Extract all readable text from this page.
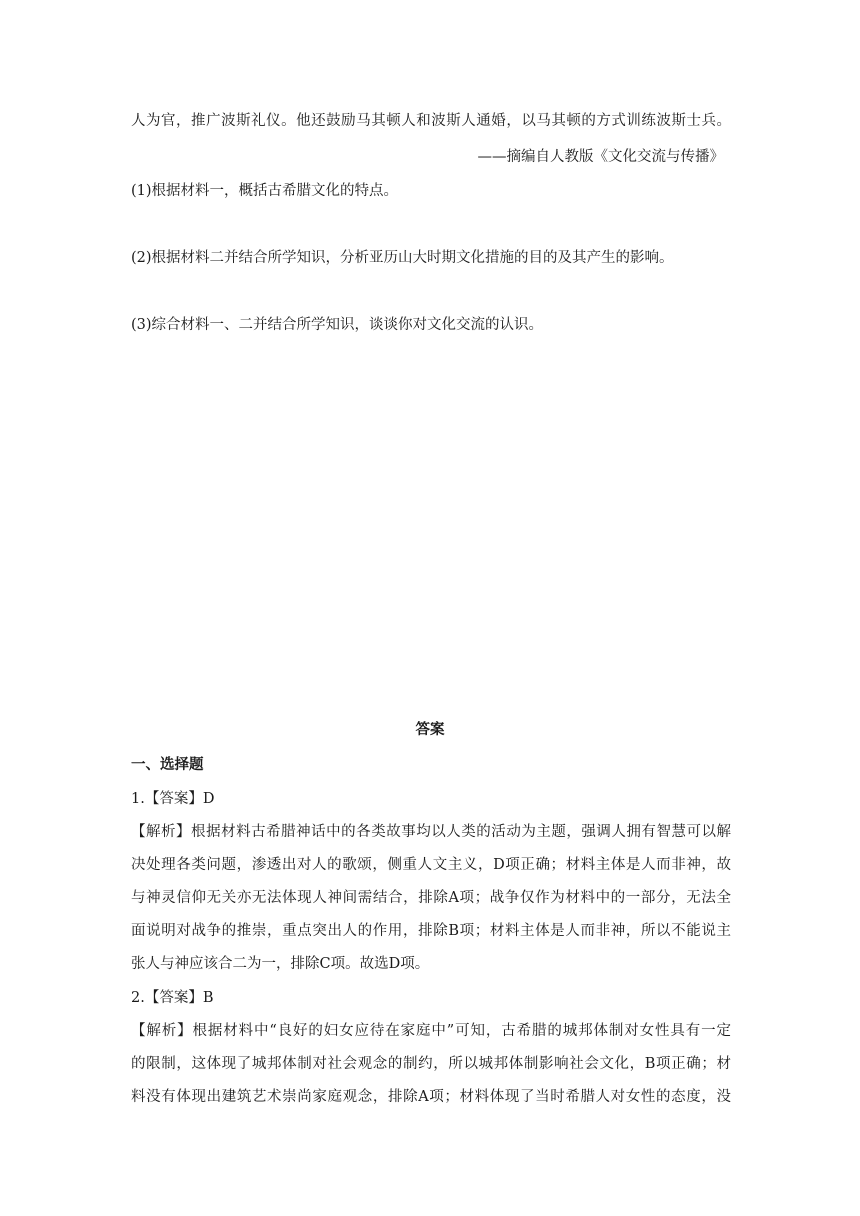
人为官，推广波斯礼仪。他还鼓励马其顿人和波斯人通婚，以马其顿的方式训练波斯士兵。
——摘编自人教版《文化交流与传播》
(1)根据材料一，概括古希腊文化的特点。
(2)根据材料二并结合所学知识，分析亚历山大时期文化措施的目的及其产生的影响。
(3)综合材料一、二并结合所学知识，谈谈你对文化交流的认识。
答案
一、选择题
1.【答案】D
【解析】根据材料古希腊神话中的各类故事均以人类的活动为主题，强调人拥有智慧可以解
决处理各类问题，渗透出对人的歌颂，侧重人文主义，D项正确；材料主体是人而非神，故
与神灵信仰无关亦无法体现人神间需结合，排除A项；战争仅作为材料中的一部分，无法全
面说明对战争的推崇，重点突出人的作用，排除B项；材料主体是人而非神，所以不能说主
张人与神应该合二为一，排除C项。故选D项。
2.【答案】B
【解析】根据材料中“良好的妇女应待在家庭中”可知，古希腊的城邦体制对女性具有一定
的限制，这体现了城邦体制对社会观念的制约，所以城邦体制影响社会文化，B项正确；材
料没有体现出建筑艺术崇尚家庭观念，排除A项；材料体现了当时希腊人对女性的态度，没
